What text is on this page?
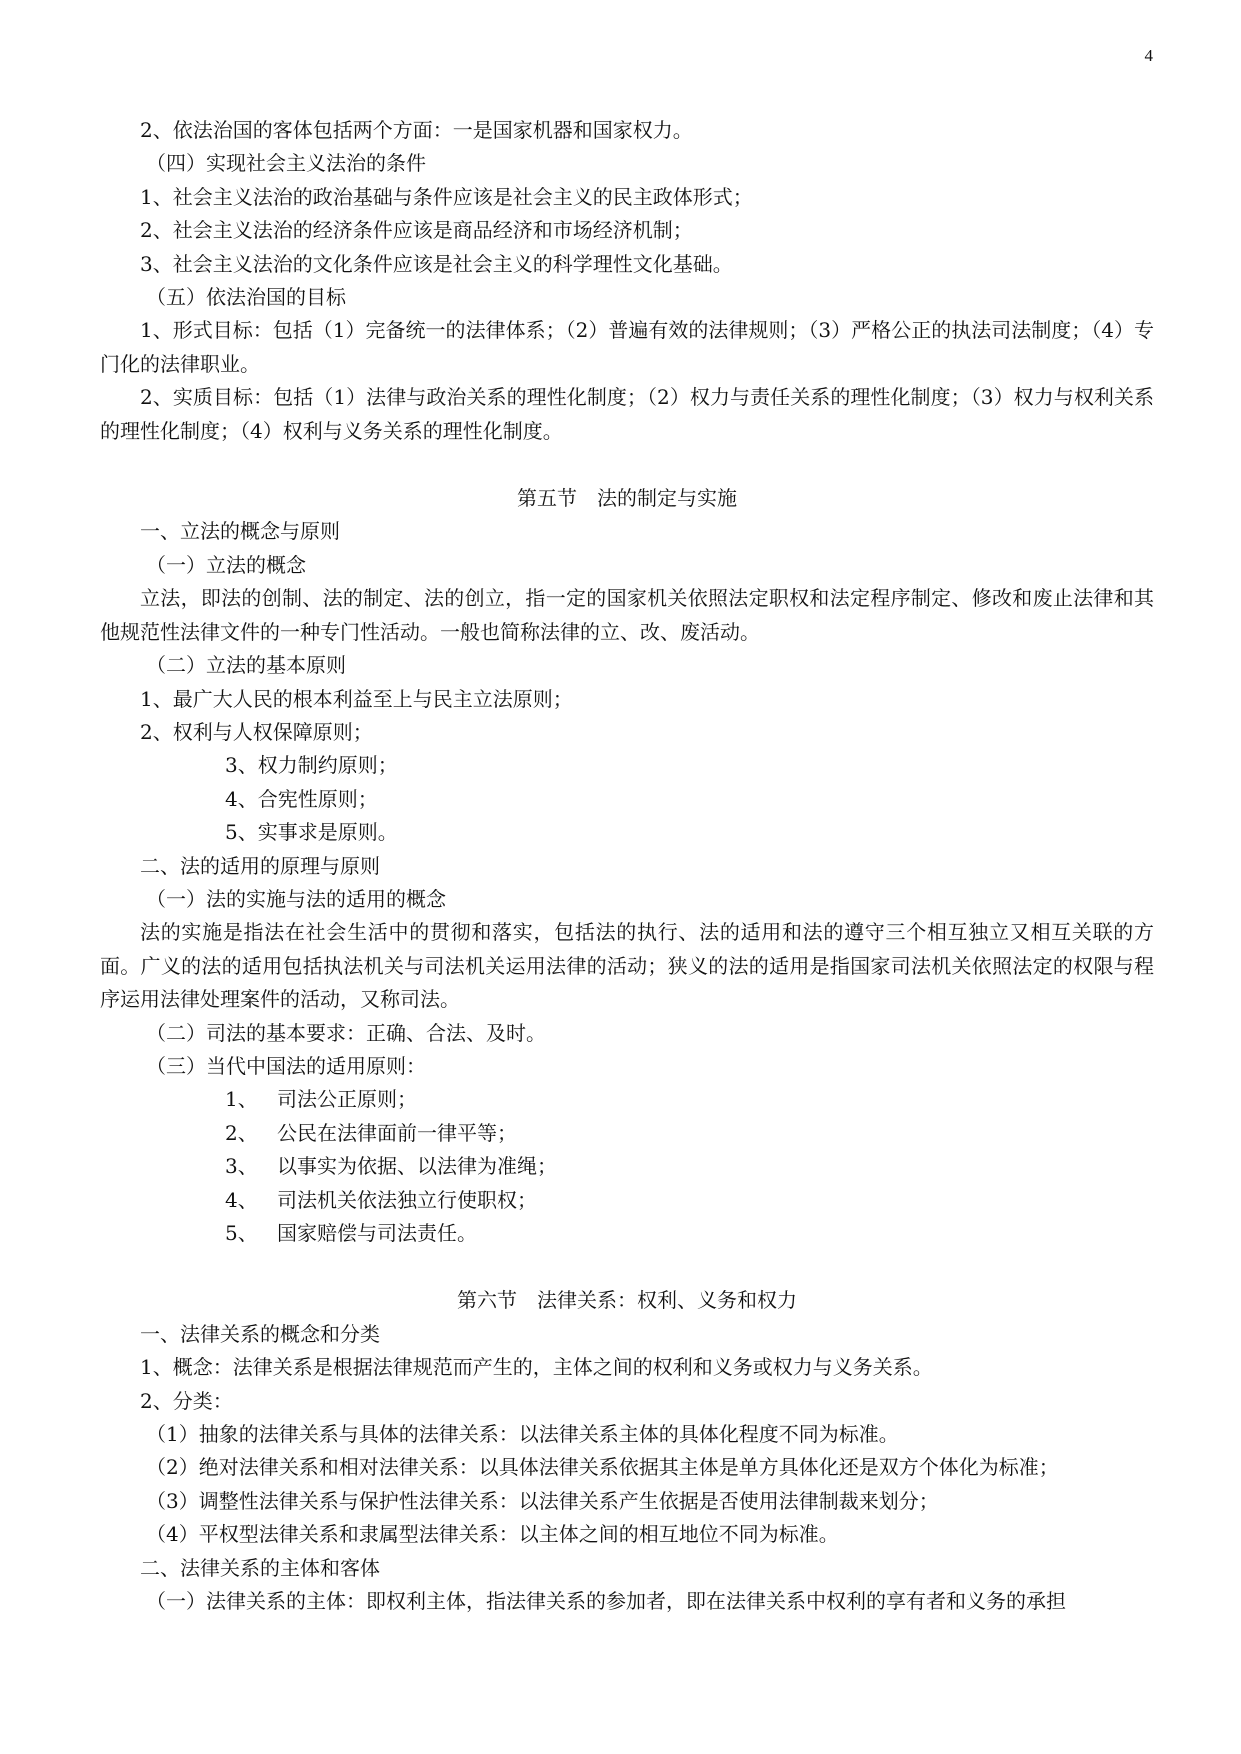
4
2、依法治国的客体包括两个方面：一是国家机器和国家权力。
（四）实现社会主义法治的条件
1、社会主义法治的政治基础与条件应该是社会主义的民主政体形式；
2、社会主义法治的经济条件应该是商品经济和市场经济机制；
3、社会主义法治的文化条件应该是社会主义的科学理性文化基础。
（五）依法治国的目标
1、形式目标：包括（1）完备统一的法律体系；（2）普遍有效的法律规则；（3）严格公正的执法司法制度；（4）专门化的法律职业。
2、实质目标：包括（1）法律与政治关系的理性化制度；（2）权力与责任关系的理性化制度；（3）权力与权利关系的理性化制度；（4）权利与义务关系的理性化制度。
第五节　法的制定与实施
一、立法的概念与原则
（一）立法的概念
立法，即法的创制、法的制定、法的创立，指一定的国家机关依照法定职权和法定程序制定、修改和废止法律和其他规范性法律文件的一种专门性活动。一般也简称法律的立、改、废活动。
（二）立法的基本原则
1、最广大人民的根本利益至上与民主立法原则；
2、权利与人权保障原则；
3、权力制约原则；
4、合宪性原则；
5、实事求是原则。
二、法的适用的原理与原则
（一）法的实施与法的适用的概念
法的实施是指法在社会生活中的贯彻和落实，包括法的执行、法的适用和法的遵守三个相互独立又相互关联的方面。广义的法的适用包括执法机关与司法机关运用法律的活动；狭义的法的适用是指国家司法机关依照法定的权限与程序运用法律处理案件的活动，又称司法。
（二）司法的基本要求：正确、合法、及时。
（三）当代中国法的适用原则：
1、 司法公正原则；
2、 公民在法律面前一律平等；
3、 以事实为依据、以法律为准绳；
4、 司法机关依法独立行使职权；
5、 国家赔偿与司法责任。
第六节　法律关系：权利、义务和权力
一、法律关系的概念和分类
1、概念：法律关系是根据法律规范而产生的，主体之间的权利和义务或权力与义务关系。
2、分类：
（1）抽象的法律关系与具体的法律关系：以法律关系主体的具体化程度不同为标准。
（2）绝对法律关系和相对法律关系：以具体法律关系依据其主体是单方具体化还是双方个体化为标准；
（3）调整性法律关系与保护性法律关系：以法律关系产生依据是否使用法律制裁来划分；
（4）平权型法律关系和隶属型法律关系：以主体之间的相互地位不同为标准。
二、法律关系的主体和客体
（一）法律关系的主体：即权利主体，指法律关系的参加者，即在法律关系中权利的享有者和义务的承担
